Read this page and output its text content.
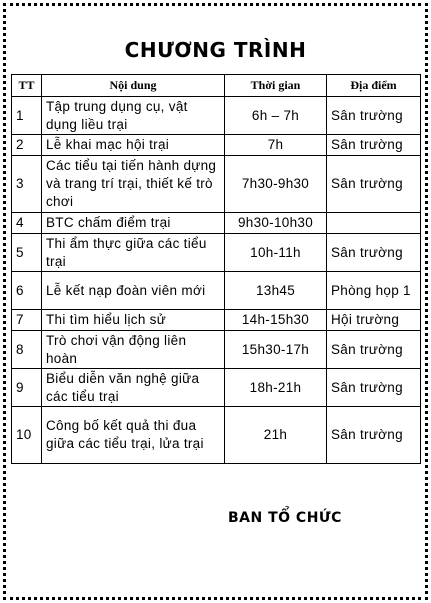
CHƯƠNG TRÌNH
TT	Nội dung	Thời gian	Địa điểm
1	Tập trung dụng cụ, vật dụng liều trại	6h – 7h	Sân trường
2	Lễ khai mạc hội trại	7h	Sân trường
3	Các tiểu tại tiến hành dựng và trang trí trại, thiết kế trò chơi	7h30-9h30	Sân trường
4	BTC chấm điểm trại	9h30-10h30	
5	Thi ẩm thực giữa các tiểu trại	10h-11h	Sân trường
6	Lễ kết nạp đoàn viên mới	13h45	Phòng họp 1
7	Thi tìm hiểu lịch sử	14h-15h30	Hội trường
8	Trò chơi vận động liên hoàn	15h30-17h	Sân trường
9	Biểu diễn văn nghệ giữa các tiểu trại	18h-21h	Sân trường
10	Công bố kết quả thi đua giữa các tiểu trại, lửa trại	21h	Sân trường
BAN TỔ CHỨC
